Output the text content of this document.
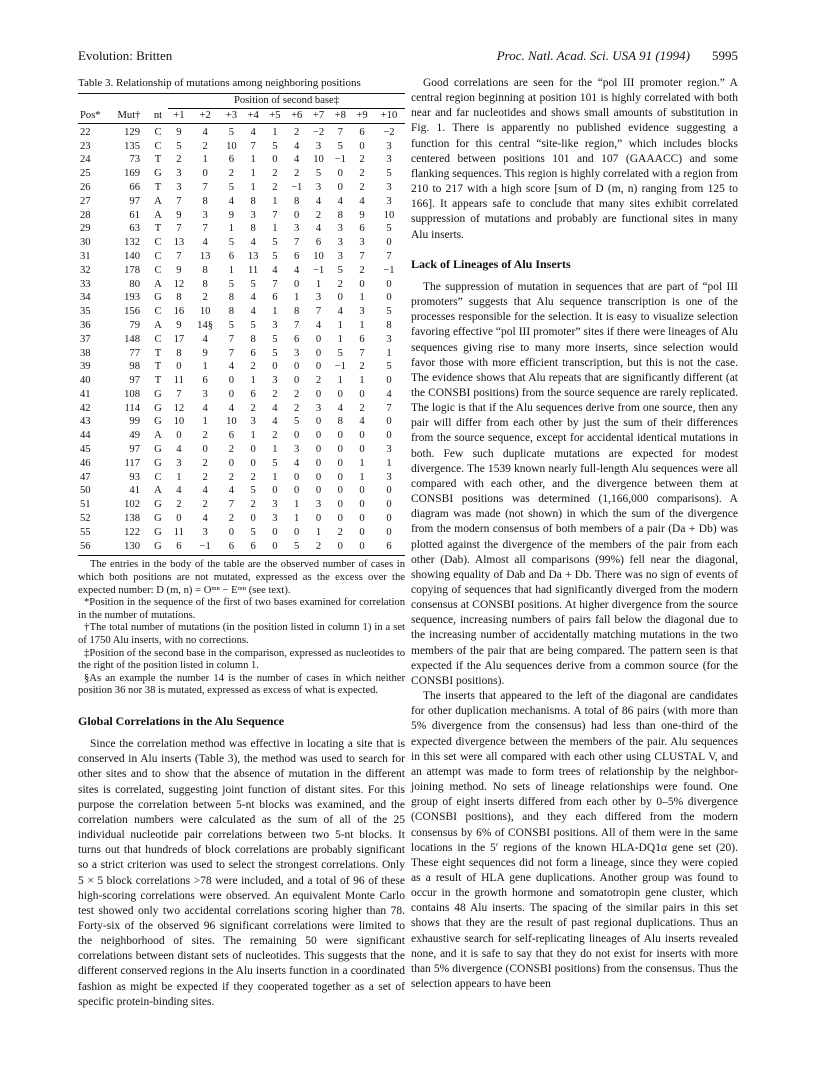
Evolution: Britten	Proc. Natl. Acad. Sci. USA 91 (1994) 5995
Table 3. Relationship of mutations among neighboring positions
			Position of second base‡									
Pos*	Mut†	nt	+1	+2	+3	+4	+5	+6	+7	+8	+9	+10
22	129	C	9	4	5	4	1	2	−2	7	6	−2
23	135	C	5	2	10	7	5	4	3	5	0	3
24	73	T	2	1	6	1	0	4	10	−1	2	3
25	169	G	3	0	2	1	2	2	5	0	2	5
26	66	T	3	7	5	1	2	−1	3	0	2	3
27	97	A	7	8	4	8	1	8	4	4	4	3
28	61	A	9	3	9	3	7	0	2	8	9	10
29	63	T	7	7	1	8	1	3	4	3	6	5
30	132	C	13	4	5	4	5	7	6	3	3	0
31	140	C	7	13	6	13	5	6	10	3	7	7
32	178	C	9	8	1	11	4	4	−1	5	2	−1
33	80	A	12	8	5	5	7	0	1	2	0	0
34	193	G	8	2	8	4	6	1	3	0	1	0
35	156	C	16	10	8	4	1	8	7	4	3	5
36	79	A	9	14§	5	5	3	7	4	1	1	8
37	148	C	17	4	7	8	5	6	0	1	6	3
38	77	T	8	9	7	6	5	3	0	5	7	1
39	98	T	0	1	4	2	0	0	0	−1	2	5
40	97	T	11	6	0	1	3	0	2	1	1	0
41	108	G	7	3	0	6	2	2	0	0	0	4
42	114	G	12	4	4	2	4	2	3	4	2	7
43	99	G	10	1	10	3	4	5	0	8	4	0
44	49	A	0	2	6	1	2	0	0	0	0	0
45	97	G	4	0	2	0	1	3	0	0	0	3
46	117	G	3	2	0	0	5	4	0	0	1	1
47	93	C	1	2	2	2	1	0	0	0	1	3
50	41	A	4	4	4	5	0	0	0	0	0	0
51	102	G	2	2	7	2	3	1	3	0	0	0
52	138	G	0	4	2	0	3	1	0	0	0	0
55	122	G	11	3	0	5	0	0	1	2	0	0
56	130	G	6	−1	6	6	0	5	2	0	0	6

The entries in the body of the table are the observed number of cases in which both positions are not mutated, expressed as the excess over the expected number: D (m, n) = Oᵐⁿ − Eᵐⁿ (see text).

*Position in the sequence of the first of two bases examined for correlation in the number of mutations.

†The total number of mutations (in the position listed in column 1) in a set of 1750 Alu inserts, with no corrections.

‡Position of the second base in the comparison, expressed as nucleotides to the right of the position listed in column 1.

§As an example the number 14 is the number of cases in which neither position 36 nor 38 is mutated, expressed as excess of what is expected.

Global Correlations in the Alu Sequence

Since the correlation method was effective in locating a site that is conserved in Alu inserts (Table 3), the method was used to search for other sites and to show that the absence of mutation in the different sites is correlated, suggesting joint function of distant sites. For this purpose the correlation between 5-nt blocks was examined, and the correlation numbers were calculated as the sum of all of the 25 individual nucleotide pair correlations between two 5-nt blocks. It turns out that hundreds of block correlations are probably significant so a strict criterion was used to select the strongest correlations. Only 5 × 5 block correlations >78 were included, and a total of 96 of these high-scoring correlations were observed. An equivalent Monte Carlo test showed only two accidental correlations scoring higher than 78. Forty-six of the observed 96 significant correlations were limited to the neighborhood of sites. The remaining 50 were significant correlations between distant sets of nucleotides. This suggests that the different conserved regions in the Alu inserts function in a coordinated fashion as might be expected if they cooperated together as a set of specific protein-binding sites.

Good correlations are seen for the “pol III promoter region.” A central region beginning at position 101 is highly correlated with both near and far nucleotides and shows small amounts of substitution in Fig. 1. There is apparently no published evidence suggesting a function for this central “site-like region,” which includes blocks centered between positions 101 and 107 (GAAACC) and some flanking sequences. This region is highly correlated with a region from 210 to 217 with a high score [sum of D (m, n) ranging from 125 to 166]. It appears safe to conclude that many sites exhibit correlated suppression of mutations and probably are functional sites in many Alu inserts.

Lack of Lineages of Alu Inserts

The suppression of mutation in sequences that are part of “pol III promoters” suggests that Alu sequence transcription is one of the processes responsible for the selection. It is easy to visualize selection favoring effective “pol III promoter” sites if there were lineages of Alu sequences giving rise to many more inserts, since selection would favor those with more efficient transcription, but this is not the case. The evidence shows that Alu repeats that are significantly different (at the CONSBI positions) from the source sequence are rarely replicated. The logic is that if the Alu sequences derive from one source, then any pair will differ from each other by just the sum of their differences from the source sequence, except for accidental identical mutations in both. Few such duplicate mutations are expected for modest divergence. The 1539 known nearly full-length Alu sequences were all compared with each other, and the divergence between them at CONSBI positions was determined (1,166,000 comparisons). A diagram was made (not shown) in which the sum of the divergence from the modern consensus of both members of a pair (Da + Db) was plotted against the divergence of the members of the pair from each other (Dab). Almost all comparisons (99%) fell near the diagonal, showing equality of Dab and Da + Db. There was no sign of events of copying of sequences that had significantly diverged from the modern consensus at CONSBI positions. At higher divergence from the source sequence, increasing numbers of pairs fall below the diagonal due to the increasing number of accidentally matching mutations in the two members of the pair that are being compared. The pattern seen is that expected if the Alu sequences derive from a common source (for the CONSBI positions).

The inserts that appeared to the left of the diagonal are candidates for other duplication mechanisms. A total of 86 pairs (with more than 5% divergence from the consensus) had less than one-third of the expected divergence between the members of the pair. Alu sequences in this set were all compared with each other using CLUSTAL V, and an attempt was made to form trees of relationship by the neighbor-joining method. No sets of lineage relationships were found. One group of eight inserts differed from each other by 0–5% divergence (CONSBI positions), and they each differed from the modern consensus by 6% of CONSBI positions. All of them were in the same locations in the 5′ regions of the known HLA-DQ1α gene set (20). These eight sequences did not form a lineage, since they were copied as a result of HLA gene duplications. Another group was found to occur in the growth hormone and somatotropin gene cluster, which contains 48 Alu inserts. The spacing of the similar pairs in this set shows that they are the result of past regional duplications. Thus an exhaustive search for self-replicating lineages of Alu inserts revealed none, and it is safe to say that they do not exist for inserts with more than 5% divergence (CONSBI positions) from the consensus. Thus the selection appears to have been
